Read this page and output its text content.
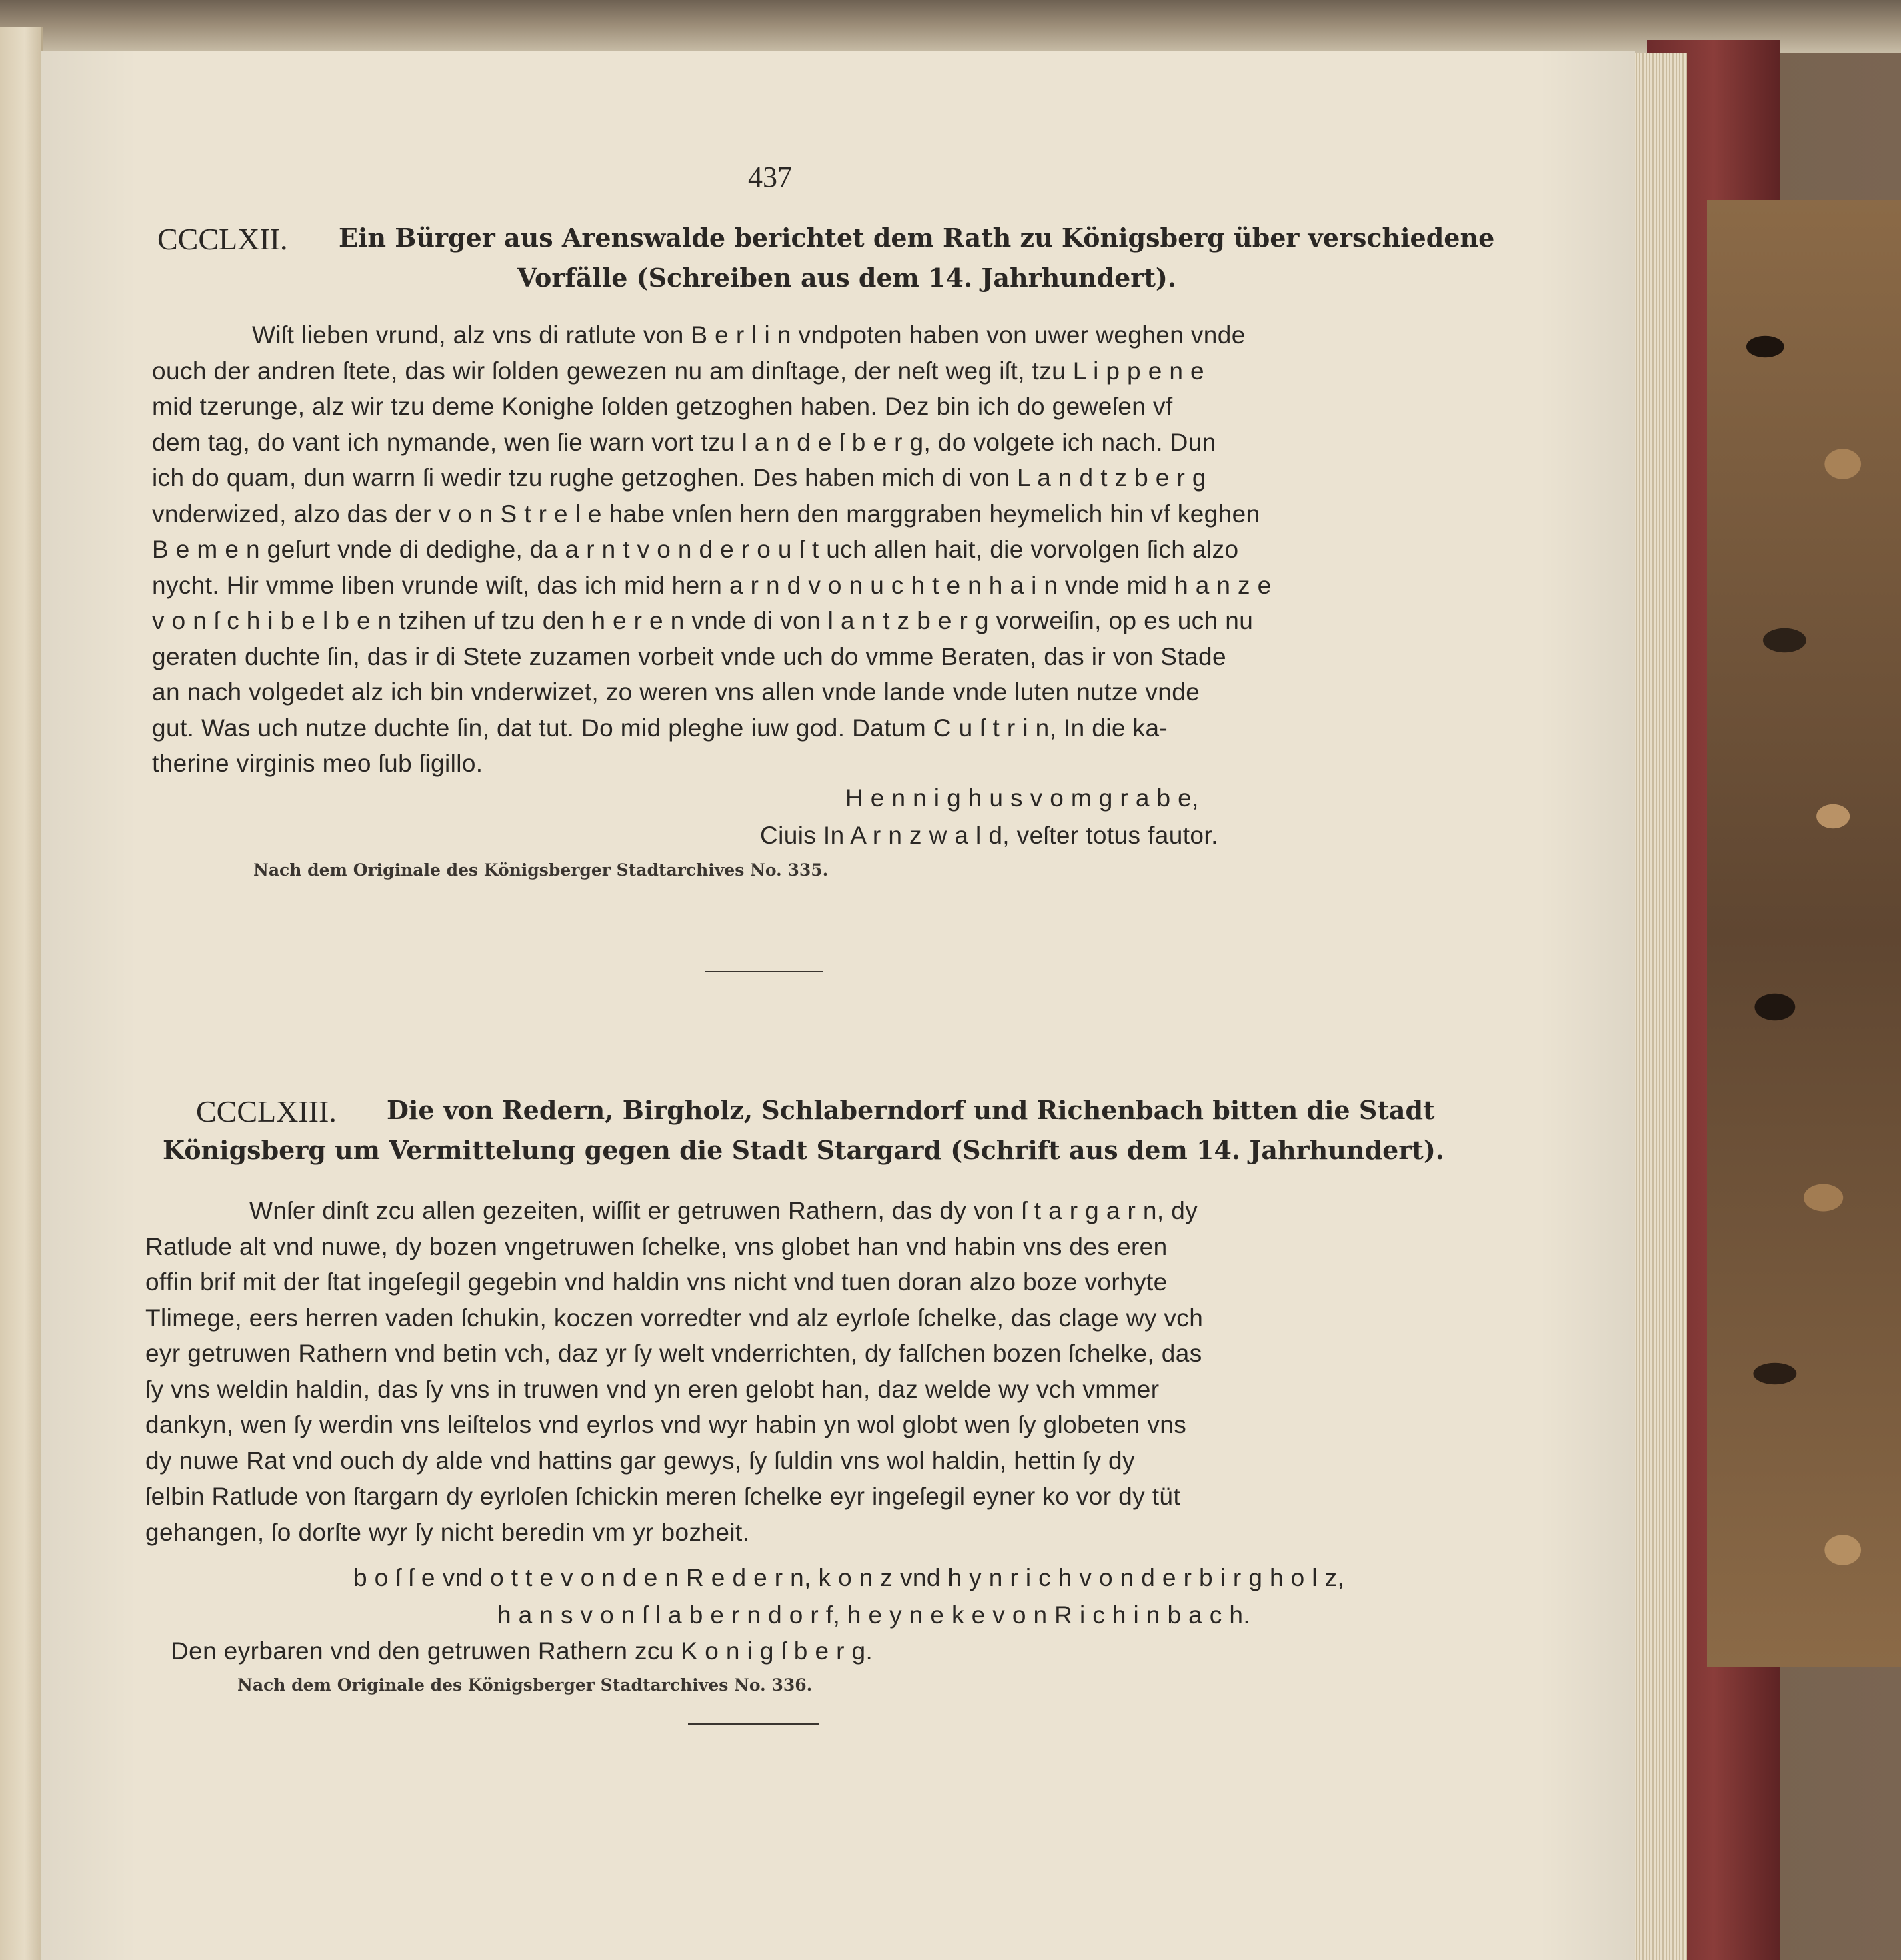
437
CCCLXII. Ein Bürger aus Arenswalde berichtet dem Rath zu Königsberg über verschiedene
Vorfälle (Schreiben aus dem 14. Jahrhundert).
Wiſt lieben vrund, alz vns di ratlute von B e r l i n vndpoten haben von uwer weghen vnde
ouch der andren ſtete, das wir ſolden gewezen nu am dinſtage, der neſt weg iſt, tzu L i p p e n e
mid tzerunge, alz wir tzu deme Konighe ſolden getzoghen haben. Dez bin ich do geweſen vf
dem tag, do vant ich nymande, wen ſie warn vort tzu l a n d e ſ b e r g, do volgete ich nach. Dun
ich do quam, dun warrn ſi wedir tzu rughe getzoghen. Des haben mich di von L a n d t z b e r g
vnderwized, alzo das der v o n S t r e l e habe vnſen hern den marggraben heymelich hin vf keghen
B e m e n geſurt vnde di dedighe, da a r n t v o n d e r o u ſ t uch allen hait, die vorvolgen ſich alzo
nycht. Hir vmme liben vrunde wiſt, das ich mid hern a r n d v o n u c h t e n h a i n vnde mid h a n z e
v o n ſ c h i b e l b e n tzihen uf tzu den h e r e n vnde di von l a n t z b e r g vorweiſin, op es uch nu
geraten duchte ſin, das ir di Stete zuzamen vorbeit vnde uch do vmme Beraten, das ir von Stade
an nach volgedet alz ich bin vnderwizet, zo weren vns allen vnde lande vnde luten nutze vnde
gut. Was uch nutze duchte ſin, dat tut. Do mid pleghe iuw god. Datum C u ſ t r i n, In die ka-
therine virginis meo ſub ſigillo.
H e n n i g h u s v o m g r a b e,
Ciuis In A r n z w a l d, veſter totus fautor.
Nach dem Originale des Königsberger Stadtarchives No. 335.
CCCLXIII. Die von Redern, Birgholz, Schlaberndorf und Richenbach bitten die Stadt
Königsberg um Vermittelung gegen die Stadt Stargard (Schrift aus dem 14. Jahrhundert).
Wnſer dinſt zcu allen gezeiten, wiſſit er getruwen Rathern, das dy von ſ t a r g a r n, dy
Ratlude alt vnd nuwe, dy bozen vngetruwen ſchelke, vns globet han vnd habin vns des eren
offin brif mit der ſtat ingeſegil gegebin vnd haldin vns nicht vnd tuen doran alzo boze vorhyte
Tlimege, eers herren vaden ſchukin, koczen vorredter vnd alz eyrloſe ſchelke, das clage wy vch
eyr getruwen Rathern vnd betin vch, daz yr ſy welt vnderrichten, dy falſchen bozen ſchelke, das
ſy vns weldin haldin, das ſy vns in truwen vnd yn eren gelobt han, daz welde wy vch vmmer
dankyn, wen ſy werdin vns leiſtelos vnd eyrlos vnd wyr habin yn wol globt wen ſy globeten vns
dy nuwe Rat vnd ouch dy alde vnd hattins gar gewys, ſy ſuldin vns wol haldin, hettin ſy dy
ſelbin Ratlude von ſtargarn dy eyrloſen ſchickin meren ſchelke eyr ingeſegil eyner ko vor dy tüt
gehangen, ſo dorſte wyr ſy nicht beredin vm yr bozheit.
b o ſ ſ e vnd o t t e v o n d e n R e d e r n, k o n z vnd h y n r i c h v o n d e r b i r g h o l z,
h a n s v o n ſ l a b e r n d o r f, h e y n e k e v o n R i c h i n b a c h.
Den eyrbaren vnd den getruwen Rathern zcu K o n i g ſ b e r g.
Nach dem Originale des Königsberger Stadtarchives No. 336.
